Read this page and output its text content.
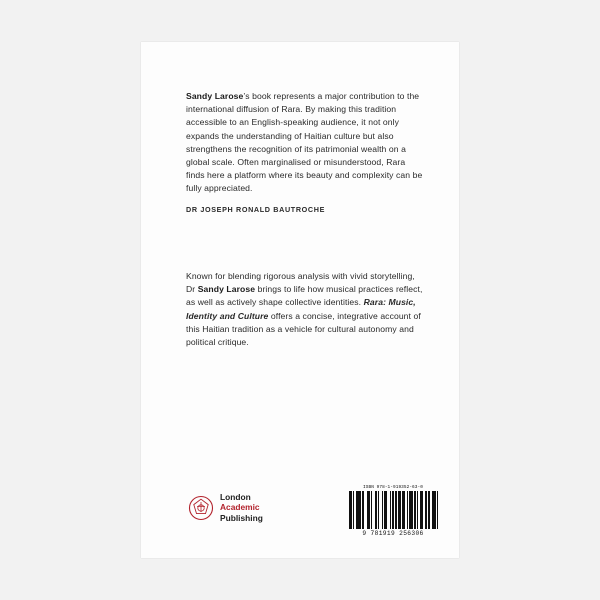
Sandy Larose’s book represents a major contribution to the international diffusion of Rara. By making this tradition accessible to an English-speaking audience, it not only expands the understanding of Haitian culture but also strengthens the recognition of its patrimonial wealth on a global scale. Often marginalised or misunderstood, Rara finds here a platform where its beauty and complexity can be fully appreciated.
DR JOSEPH RONALD BAUTROCHE
Known for blending rigorous analysis with vivid storytelling, Dr Sandy Larose brings to life how musical practices reflect, as well as actively shape collective identities. Rara: Music, Identity and Culture offers a concise, integrative account of this Haitian tradition as a vehicle for cultural autonomy and political critique.
London
Academic
Publishing
ISBN 978-1-919352-63-0
9 781919 256306
